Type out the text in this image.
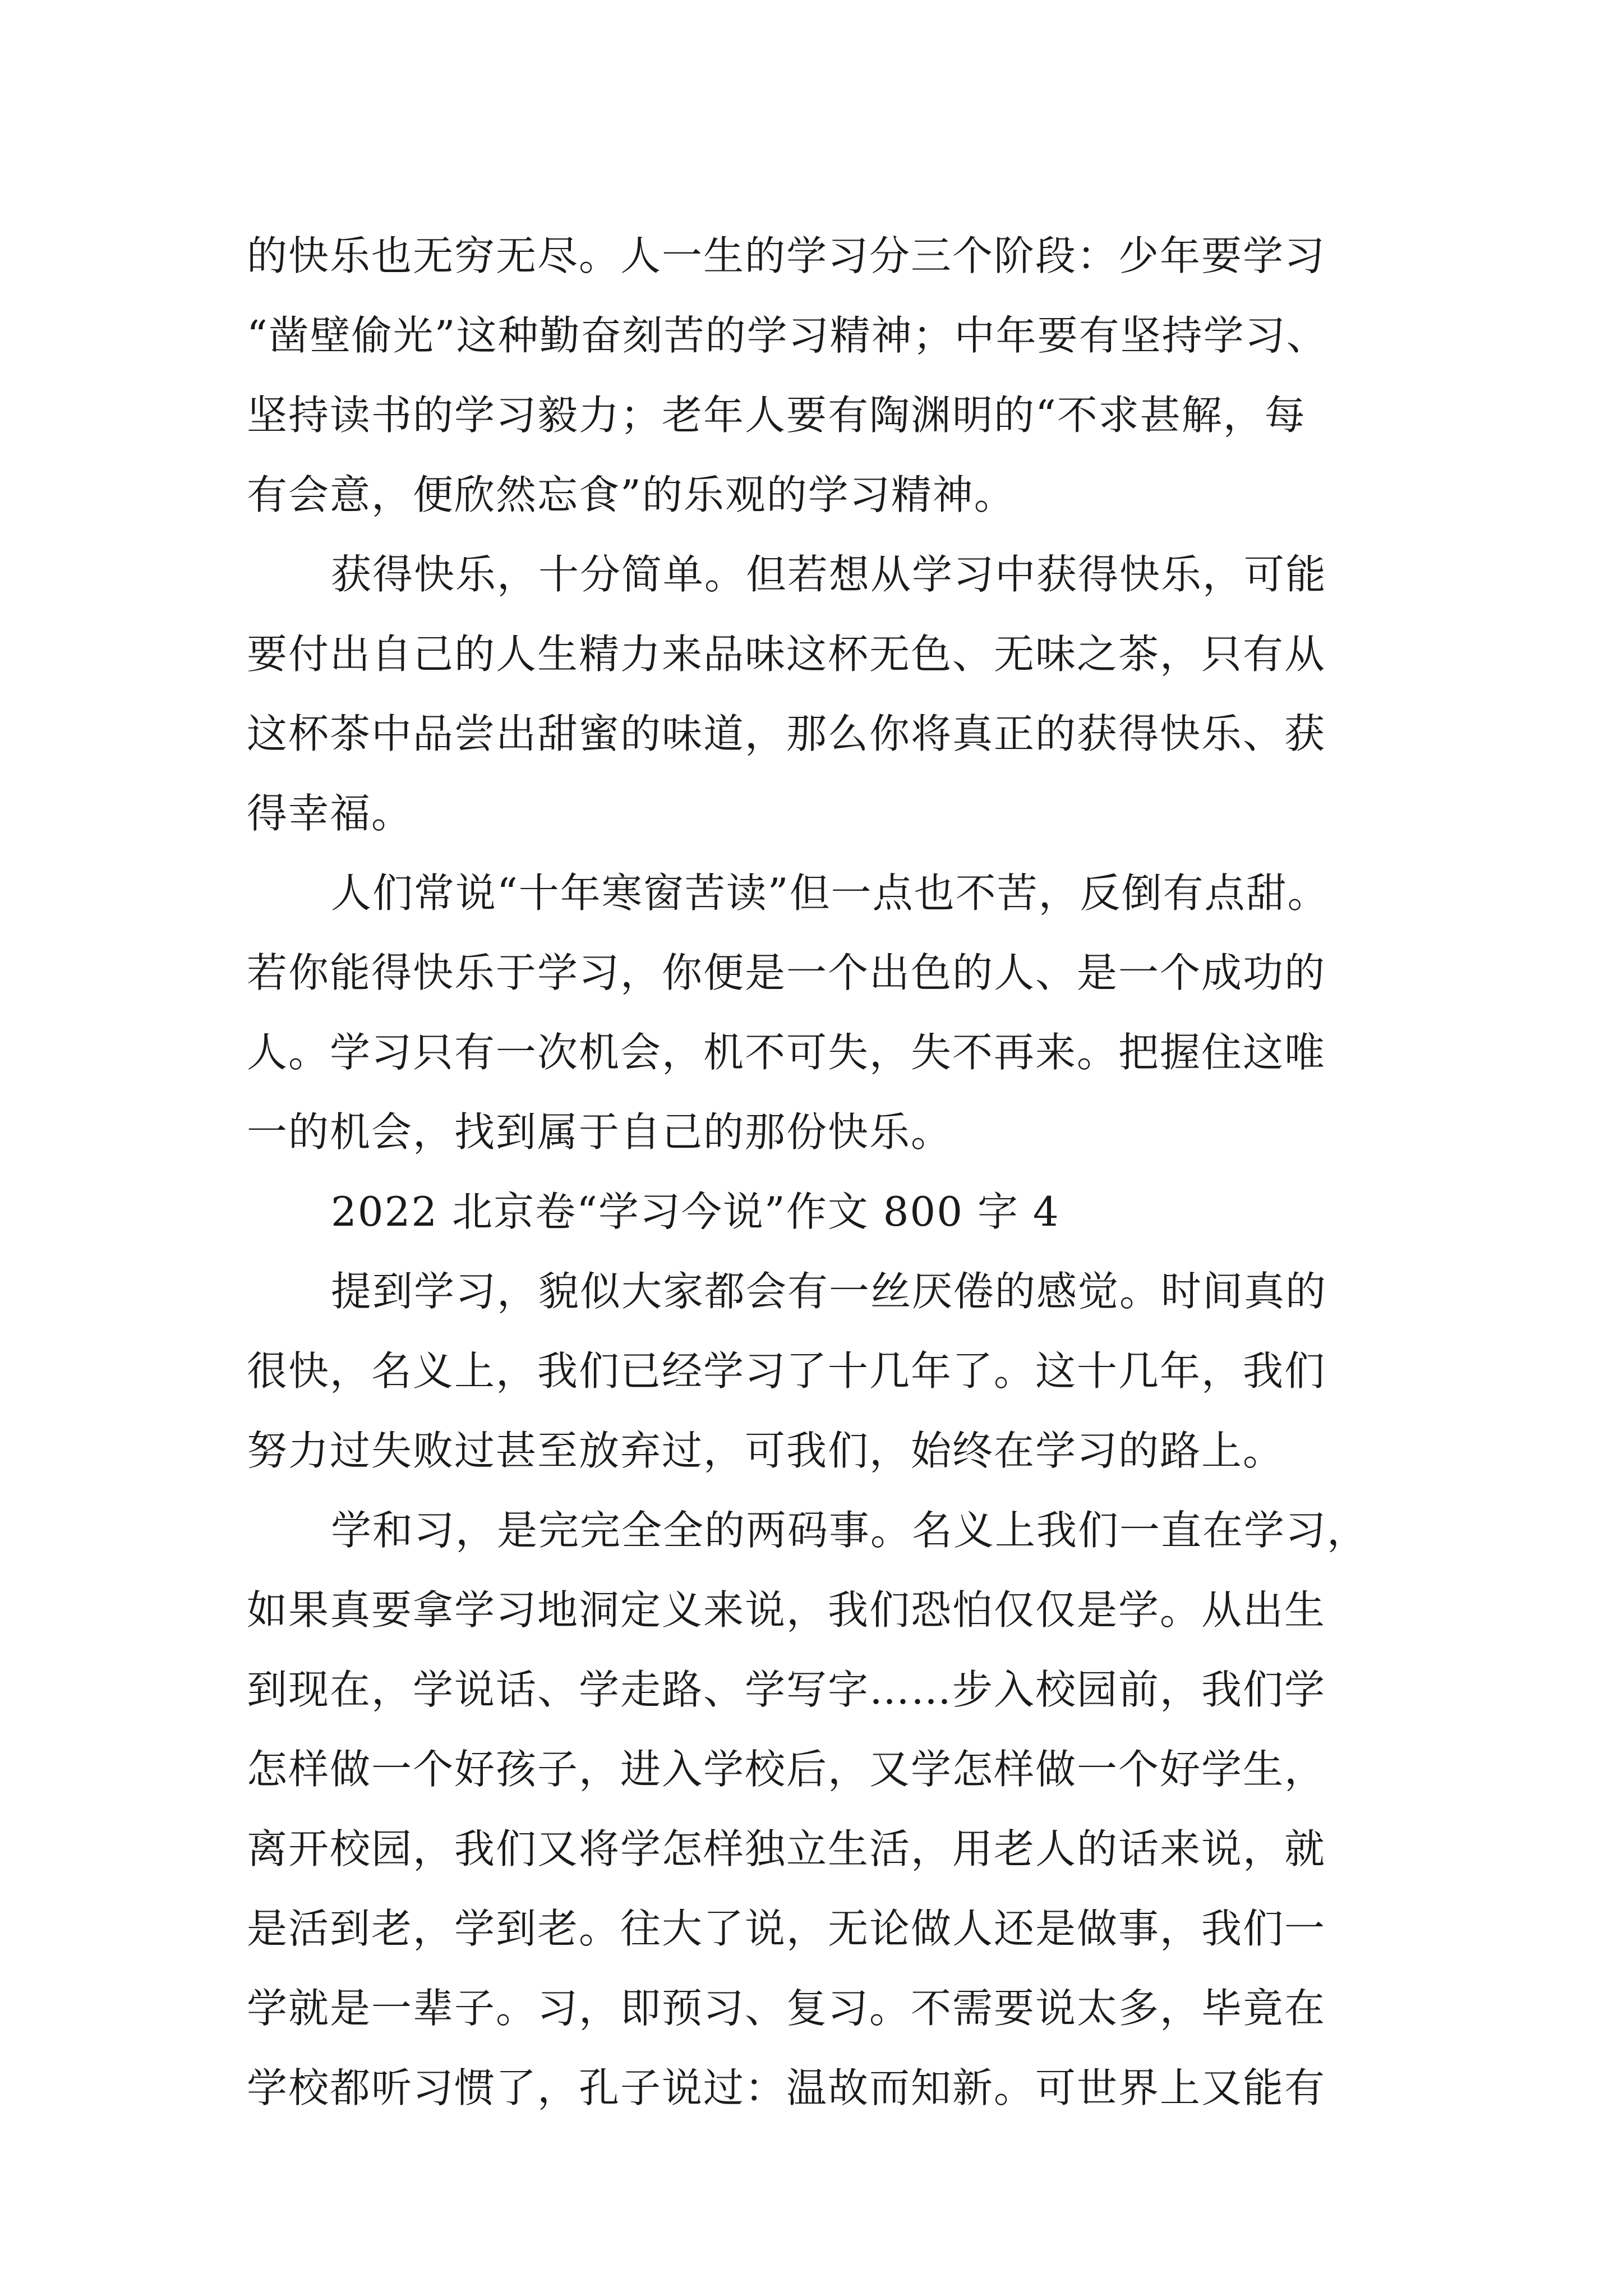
的快乐也无穷无尽。人一生的学习分三个阶段：少年要学习
“凿壁偷光”这种勤奋刻苦的学习精神；中年要有坚持学习、
坚持读书的学习毅力；老年人要有陶渊明的“不求甚解，每
有会意，便欣然忘食”的乐观的学习精神。
获得快乐，十分简单。但若想从学习中获得快乐，可能
要付出自己的人生精力来品味这杯无色、无味之茶，只有从
这杯茶中品尝出甜蜜的味道，那么你将真正的获得快乐、获
得幸福。
人们常说“十年寒窗苦读”但一点也不苦，反倒有点甜。
若你能得快乐于学习，你便是一个出色的人、是一个成功的
人。学习只有一次机会，机不可失，失不再来。把握住这唯
一的机会，找到属于自己的那份快乐。
2022 北京卷“学习今说”作文 800 字 4
提到学习，貌似大家都会有一丝厌倦的感觉。时间真的
很快，名义上，我们已经学习了十几年了。这十几年，我们
努力过失败过甚至放弃过，可我们，始终在学习的路上。
学和习，是完完全全的两码事。名义上我们一直在学习，
如果真要拿学习地洞定义来说，我们恐怕仅仅是学。从出生
到现在，学说话、学走路、学写字……步入校园前，我们学
怎样做一个好孩子，进入学校后，又学怎样做一个好学生，
离开校园，我们又将学怎样独立生活，用老人的话来说，就
是活到老，学到老。往大了说，无论做人还是做事，我们一
学就是一辈子。习，即预习、复习。不需要说太多，毕竟在
学校都听习惯了，孔子说过：温故而知新。可世界上又能有
